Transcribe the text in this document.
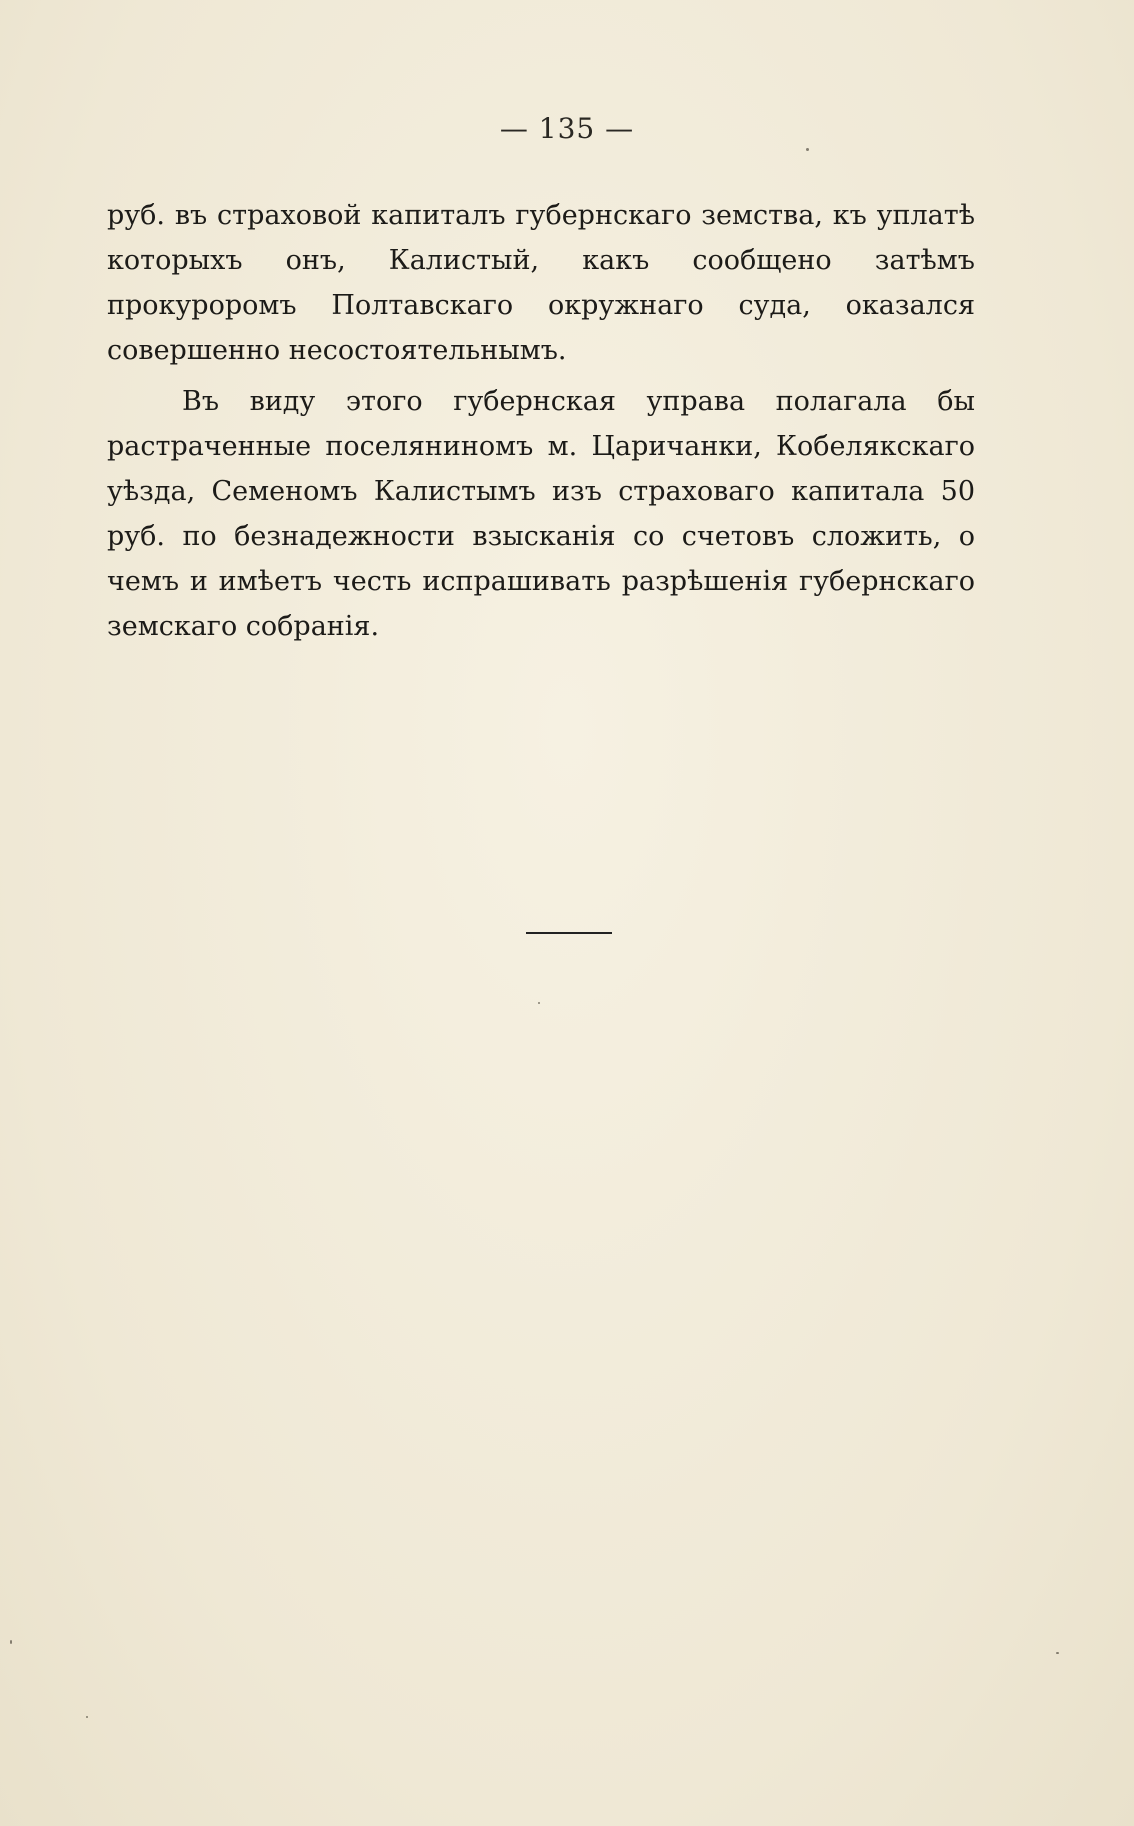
— 135 —

руб. въ страховой капиталъ губернскаго земства, къ уплатѣ которыхъ онъ, Калистый, какъ сообщено затѣмъ прокуроромъ Полтавскаго окружнаго суда, оказался совершенно несостоятельнымъ.

Въ виду этого губернская управа полагала бы растраченные поселяниномъ м. Царичанки, Кобелякскаго уѣзда, Семеномъ Калистымъ изъ страховаго капитала 50 руб. по безнадежности взысканія со счетовъ сложить, о чемъ и имѣетъ честь испрашивать разрѣшенія губернскаго земскаго собранія.
